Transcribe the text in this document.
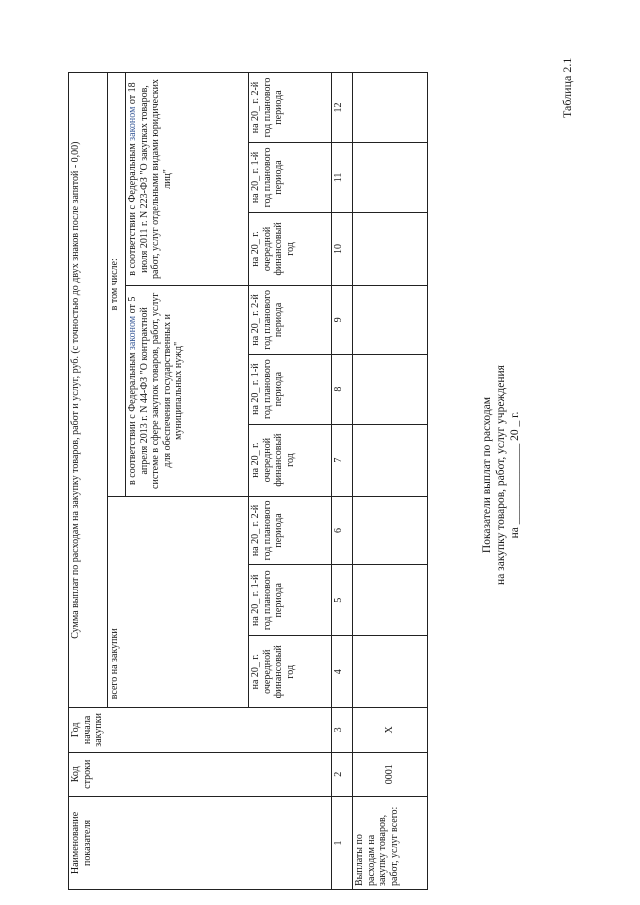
Таблица 2.1
Показатели выплат по расходам на закупку товаров, работ, услуг учреждения на ______________ 20 _ г.
Наименование показателя	Код строки	Год начала закупки	Сумма выплат по расходам на закупку товаров, работ и услуг, руб. (с точностью до двух знаков после запятой - 0,00)								
			всего на закупки			в том числе:					
						в соответствии с Федеральным законом от 5 апреля 2013 г. N 44-ФЗ "О контрактной системе в сфере закупок товаров, работ, услуг для обеспечения государственных и муниципальных нужд"			в соответствии с Федеральным законом от 18 июля 2011 г. N 223-ФЗ "О закупках товаров, работ, услуг отдельными видами юридических лиц"		
			на 20_ г. очередной финансовый год	на 20_ г. 1-й год планового периода	на 20_ г. 2-й год планового периода	на 20_ г. очередной финансовый год	на 20_ г. 1-й год планового периода	на 20_ г. 2-й год планового периода	на 20_ г. очередной финансовый год	на 20_ г. 1-й год планового периода	на 20_ г. 2-й год планового периода
1	2	3	4	5	6	7	8	9	10	11	12
Выплаты по расходам на закупку товаров, работ, услуг всего:	0001	X									
